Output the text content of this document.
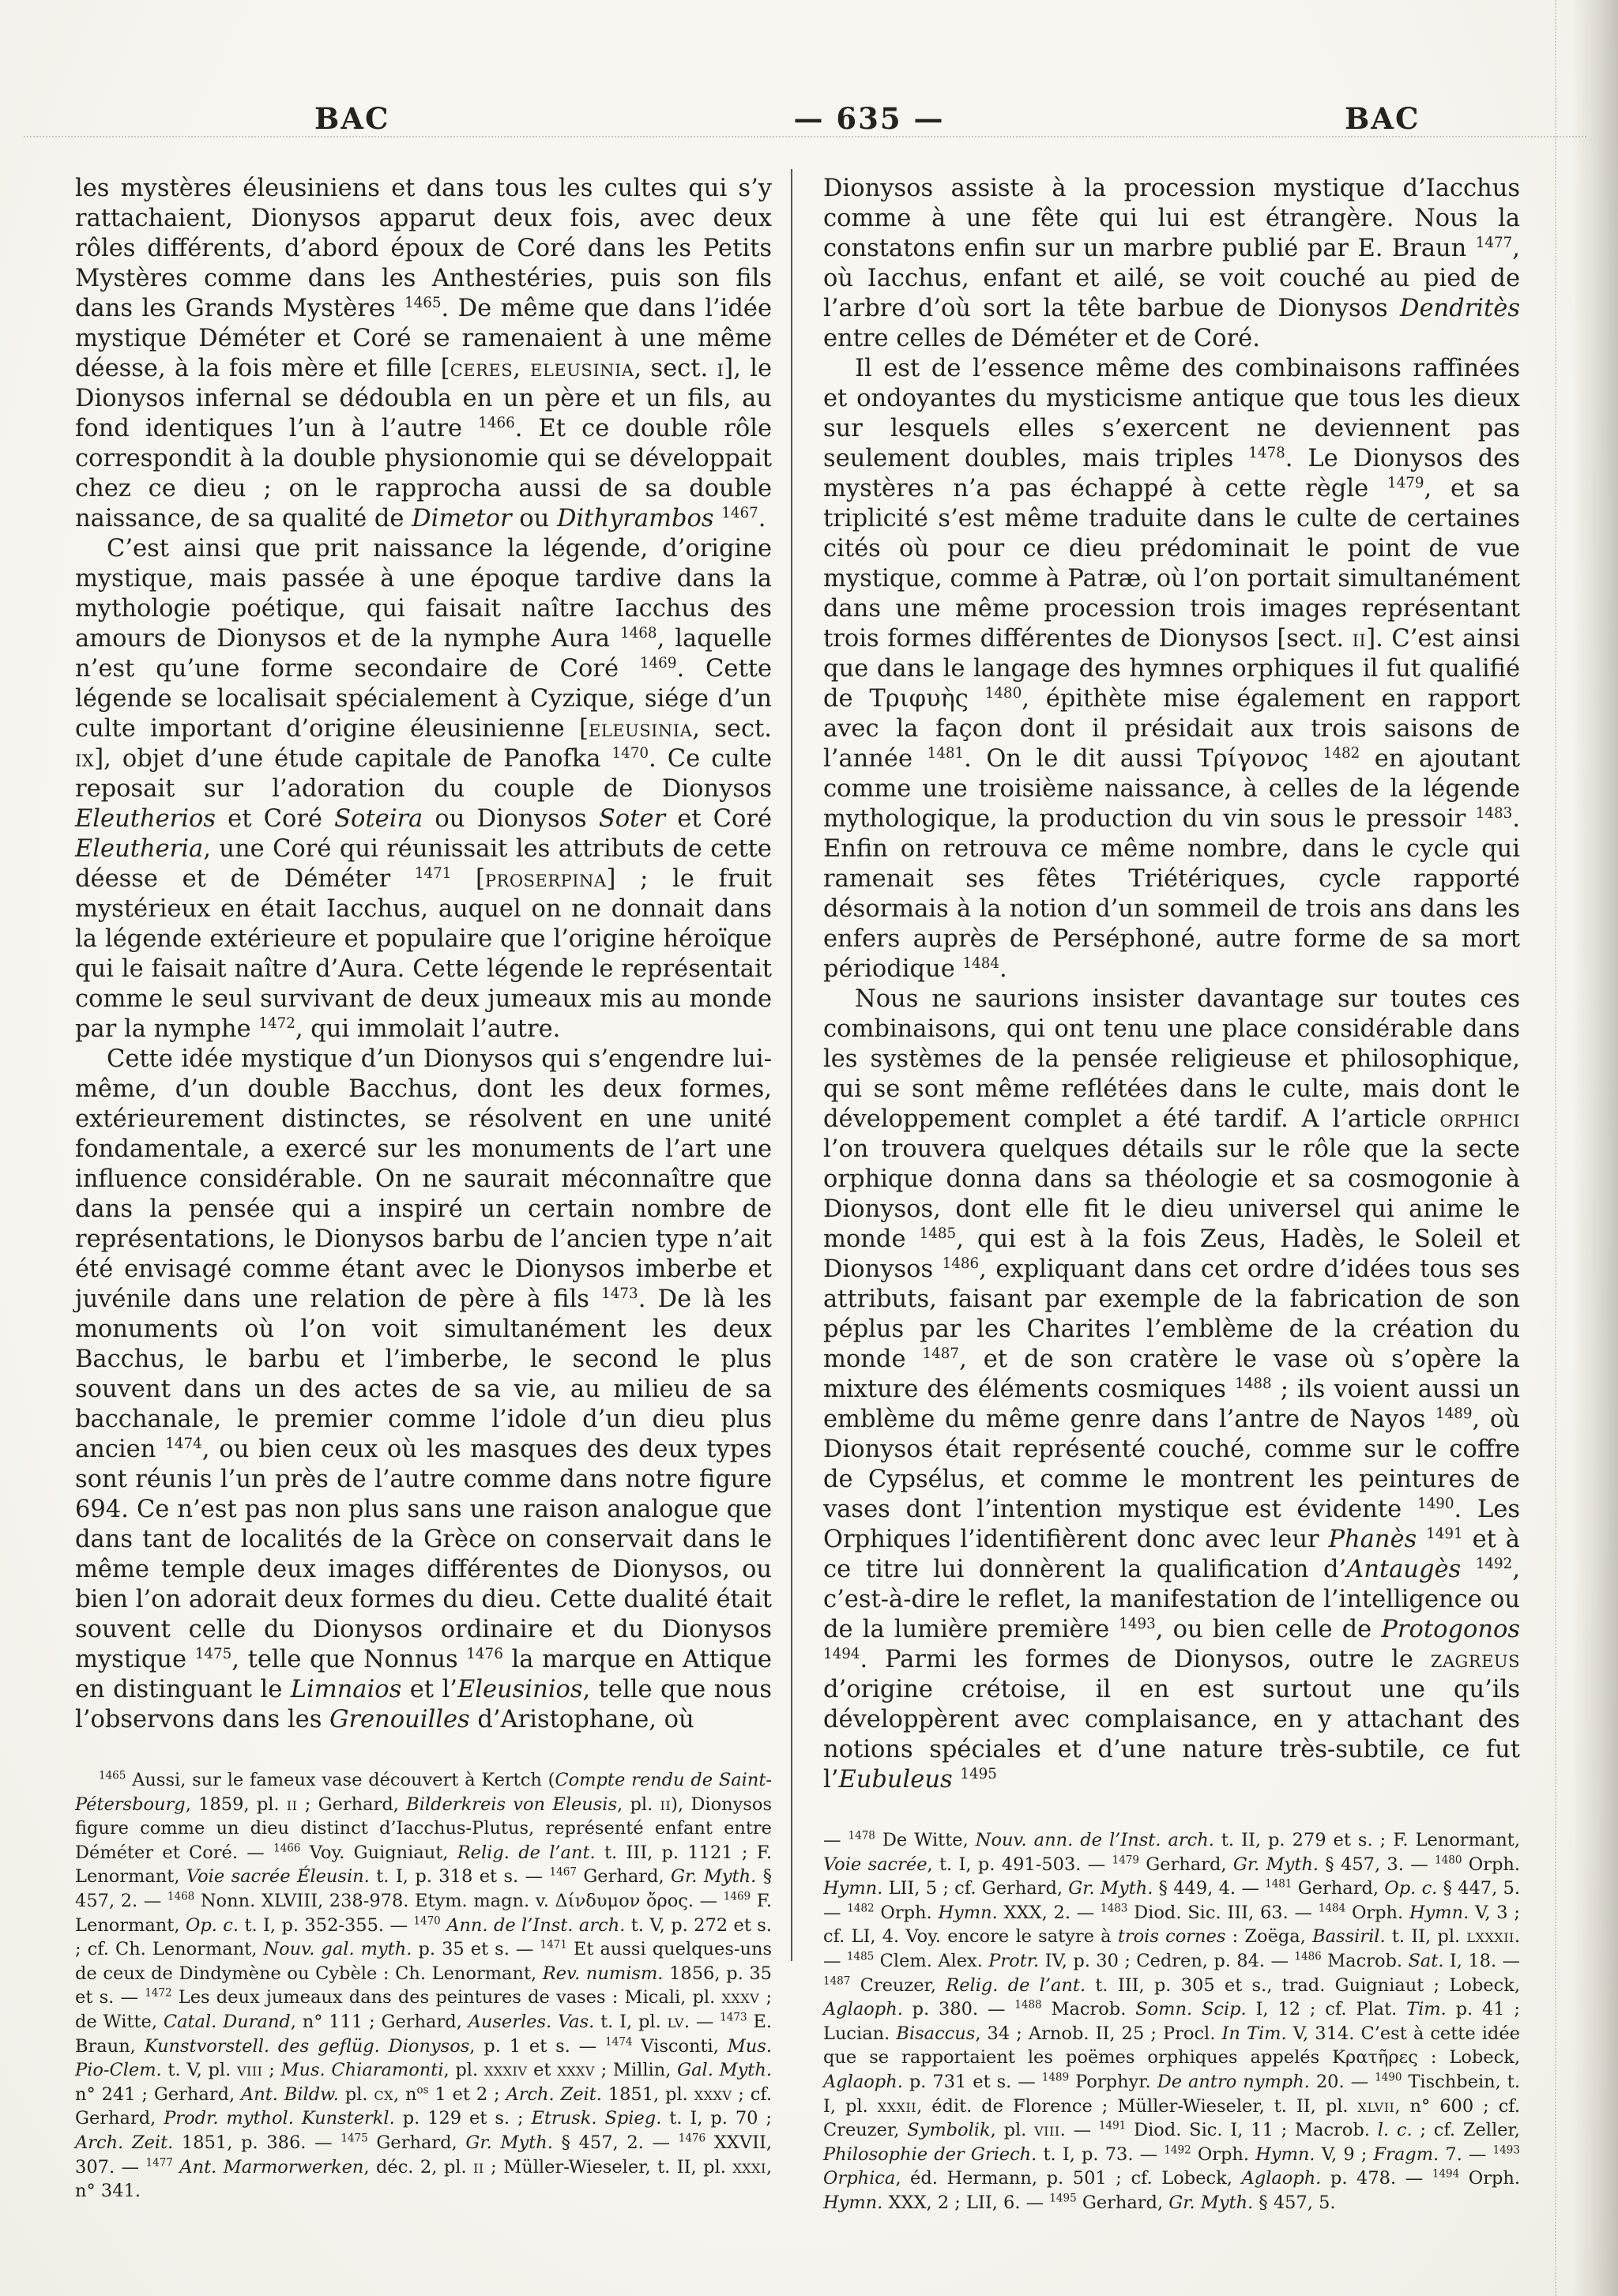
BAC	— 635 —	BAC

les mystères éleusiniens et dans tous les cultes qui s’y rattachaient, Dionysos apparut deux fois, avec deux rôles différents, d’abord époux de Coré dans les Petits Mystères comme dans les Anthestéries, puis son fils dans les Grands Mystères $^{1465}$. De même que dans l’idée mystique Déméter et Coré se ramenaient à une même déesse, à la fois mère et fille [ceres, eleusinia, sect. i], le Dionysos infernal se dédoubla en un père et un fils, au fond identiques l’un à l’autre $^{1466}$. Et ce double rôle correspondit à la double physionomie qui se développait chez ce dieu ; on le rapprocha aussi de sa double naissance, de sa qualité de Dimetor ou Dithyrambos $^{1467}$.

C’est ainsi que prit naissance la légende, d’origine mystique, mais passée à une époque tardive dans la mythologie poétique, qui faisait naître Iacchus des amours de Dionysos et de la nymphe Aura $^{1468}$, laquelle n’est qu’une forme secondaire de Coré $^{1469}$. Cette légende se localisait spécialement à Cyzique, siége d’un culte important d’origine éleusinienne [eleusinia, sect. ix], objet d’une étude capitale de Panofka $^{1470}$. Ce culte reposait sur l’adoration du couple de Dionysos Eleutherios et Coré Soteira ou Dionysos Soter et Coré Eleutheria, une Coré qui réunissait les attributs de cette déesse et de Déméter $^{1471}$ [proserpina] ; le fruit mystérieux en était Iacchus, auquel on ne donnait dans la légende extérieure et populaire que l’origine héroïque qui le faisait naître d’Aura. Cette légende le représentait comme le seul survivant de deux jumeaux mis au monde par la nymphe $^{1472}$, qui immolait l’autre.

Cette idée mystique d’un Dionysos qui s’engendre lui-même, d’un double Bacchus, dont les deux formes, extérieurement distinctes, se résolvent en une unité fondamentale, a exercé sur les monuments de l’art une influence considérable. On ne saurait méconnaître que dans la pensée qui a inspiré un certain nombre de représentations, le Dionysos barbu de l’ancien type n’ait été envisagé comme étant avec le Dionysos imberbe et juvénile dans une relation de père à fils $^{1473}$. De là les monuments où l’on voit simultanément les deux Bacchus, le barbu et l’imberbe, le second le plus souvent dans un des actes de sa vie, au milieu de sa bacchanale, le premier comme l’idole d’un dieu plus ancien $^{1474}$, ou bien ceux où les masques des deux types sont réunis l’un près de l’autre comme dans notre figure 694. Ce n’est pas non plus sans une raison analogue que dans tant de localités de la Grèce on conservait dans le même temple deux images différentes de Dionysos, ou bien l’on adorait deux formes du dieu. Cette dualité était souvent celle du Dionysos ordinaire et du Dionysos mystique $^{1475}$, telle que Nonnus $^{1476}$ la marque en Attique en distinguant le Limnaios et l’Eleusinios, telle que nous l’observons dans les Grenouilles d’Aristophane, où

$^{1465}$ Aussi, sur le fameux vase découvert à Kertch (Compte rendu de Saint-Pétersbourg, 1859, pl. ii ; Gerhard, Bilderkreis von Eleusis, pl. ii), Dionysos figure comme un dieu distinct d’Iacchus-Plutus, représenté enfant entre Déméter et Coré. — $^{1466}$ Voy. Guigniaut, Relig. de l’ant. t. III, p. 1121 ; F. Lenormant, Voie sacrée Éleusin. t. I, p. 318 et s. — $^{1467}$ Gerhard, Gr. Myth. § 457, 2. — $^{1468}$ Nonn. XLVIII, 238-978. Etym. magn. v. Δίνδυμον ὄρος. — $^{1469}$ F. Lenormant, Op. c. t. I, p. 352-355. — $^{1470}$ Ann. de l’Inst. arch. t. V, p. 272 et s. ; cf. Ch. Lenormant, Nouv. gal. myth. p. 35 et s. — $^{1471}$ Et aussi quelques-uns de ceux de Dindymène ou Cybèle : Ch. Lenormant, Rev. numism. 1856, p. 35 et s. — $^{1472}$ Les deux jumeaux dans des peintures de vases : Micali, pl. xxxv ; de Witte, Catal. Durand, n° 111 ; Gerhard, Auserles. Vas. t. I, pl. lv. — $^{1473}$ E. Braun, Kunstvorstell. des geflüg. Dionysos, p. 1 et s. — $^{1474}$ Visconti, Mus. Pio-Clem. t. V, pl. viii ; Mus. Chiaramonti, pl. xxxiv et xxxv ; Millin, Gal. Myth. n° 241 ; Gerhard, Ant. Bildw. pl. cx, $n^{os}$ 1 et 2 ; Arch. Zeit. 1851, pl. xxxv ; cf. Gerhard, Prodr. mythol. Kunsterkl. p. 129 et s. ; Etrusk. Spieg. t. I, p. 70 ; Arch. Zeit. 1851, p. 386. — $^{1475}$ Gerhard, Gr. Myth. § 457, 2. — $^{1476}$ XXVII, 307. — $^{1477}$ Ant. Marmorwerken, déc. 2, pl. ii ; Müller-Wieseler, t. II, pl. xxxi, n° 341.

Dionysos assiste à la procession mystique d’Iacchus comme à une fête qui lui est étrangère. Nous la constatons enfin sur un marbre publié par E. Braun $^{1477}$, où Iacchus, enfant et ailé, se voit couché au pied de l’arbre d’où sort la tête barbue de Dionysos Dendritès entre celles de Déméter et de Coré.

Il est de l’essence même des combinaisons raffinées et ondoyantes du mysticisme antique que tous les dieux sur lesquels elles s’exercent ne deviennent pas seulement doubles, mais triples $^{1478}$. Le Dionysos des mystères n’a pas échappé à cette règle $^{1479}$, et sa triplicité s’est même traduite dans le culte de certaines cités où pour ce dieu prédominait le point de vue mystique, comme à Patræ, où l’on portait simultanément dans une même procession trois images représentant trois formes différentes de Dionysos [sect. ii]. C’est ainsi que dans le langage des hymnes orphiques il fut qualifié de Τριφυὴς $^{1480}$, épithète mise également en rapport avec la façon dont il présidait aux trois saisons de l’année $^{1481}$. On le dit aussi Τρίγονος $^{1482}$ en ajoutant comme une troisième naissance, à celles de la légende mythologique, la production du vin sous le pressoir $^{1483}$. Enfin on retrouva ce même nombre, dans le cycle qui ramenait ses fêtes Triétériques, cycle rapporté désormais à la notion d’un sommeil de trois ans dans les enfers auprès de Perséphoné, autre forme de sa mort périodique $^{1484}$.

Nous ne saurions insister davantage sur toutes ces combinaisons, qui ont tenu une place considérable dans les systèmes de la pensée religieuse et philosophique, qui se sont même reflétées dans le culte, mais dont le développement complet a été tardif. A l’article orphici l’on trouvera quelques détails sur le rôle que la secte orphique donna dans sa théologie et sa cosmogonie à Dionysos, dont elle fit le dieu universel qui anime le monde $^{1485}$, qui est à la fois Zeus, Hadès, le Soleil et Dionysos $^{1486}$, expliquant dans cet ordre d’idées tous ses attributs, faisant par exemple de la fabrication de son péplus par les Charites l’emblème de la création du monde $^{1487}$, et de son cratère le vase où s’opère la mixture des éléments cosmiques $^{1488}$ ; ils voient aussi un emblème du même genre dans l’antre de Nayos $^{1489}$, où Dionysos était représenté couché, comme sur le coffre de Cypsélus, et comme le montrent les peintures de vases dont l’intention mystique est évidente $^{1490}$. Les Orphiques l’identifièrent donc avec leur Phanès $^{1491}$ et à ce titre lui donnèrent la qualification d’Antaugès $^{1492}$, c’est-à-dire le reflet, la manifestation de l’intelligence ou de la lumière première $^{1493}$, ou bien celle de Protogonos $^{1494}$. Parmi les formes de Dionysos, outre le zagreus d’origine crétoise, il en est surtout une qu’ils développèrent avec complaisance, en y attachant des notions spéciales et d’une nature très-subtile, ce fut l’Eubuleus $^{1495}$

— $^{1478}$ De Witte, Nouv. ann. de l’Inst. arch. t. II, p. 279 et s. ; F. Lenormant, Voie sacrée, t. I, p. 491-503. — $^{1479}$ Gerhard, Gr. Myth. § 457, 3. — $^{1480}$ Orph. Hymn. LII, 5 ; cf. Gerhard, Gr. Myth. § 449, 4. — $^{1481}$ Gerhard, Op. c. § 447, 5. — $^{1482}$ Orph. Hymn. XXX, 2. — $^{1483}$ Diod. Sic. III, 63. — $^{1484}$ Orph. Hymn. V, 3 ; cf. LI, 4. Voy. encore le satyre à trois cornes : Zoëga, Bassiril. t. II, pl. lxxxii. — $^{1485}$ Clem. Alex. Protr. IV, p. 30 ; Cedren, p. 84. — $^{1486}$ Macrob. Sat. I, 18. — $^{1487}$ Creuzer, Relig. de l’ant. t. III, p. 305 et s., trad. Guigniaut ; Lobeck, Aglaoph. p. 380. — $^{1488}$ Macrob. Somn. Scip. I, 12 ; cf. Plat. Tim. p. 41 ; Lucian. Bisaccus, 34 ; Arnob. II, 25 ; Procl. In Tim. V, 314. C’est à cette idée que se rapportaient les poëmes orphiques appelés Κρατῆρες : Lobeck, Aglaoph. p. 731 et s. — $^{1489}$ Porphyr. De antro nymph. 20. — $^{1490}$ Tischbein, t. I, pl. xxxii, édit. de Florence ; Müller-Wieseler, t. II, pl. xlvii, n° 600 ; cf. Creuzer, Symbolik, pl. viii. — $^{1491}$ Diod. Sic. I, 11 ; Macrob. l. c. ; cf. Zeller, Philosophie der Griech. t. I, p. 73. — $^{1492}$ Orph. Hymn. V, 9 ; Fragm. 7. — $^{1493}$ Orphica, éd. Hermann, p. 501 ; cf. Lobeck, Aglaoph. p. 478. — $^{1494}$ Orph. Hymn. XXX, 2 ; LII, 6. — $^{1495}$ Gerhard, Gr. Myth. § 457, 5.
